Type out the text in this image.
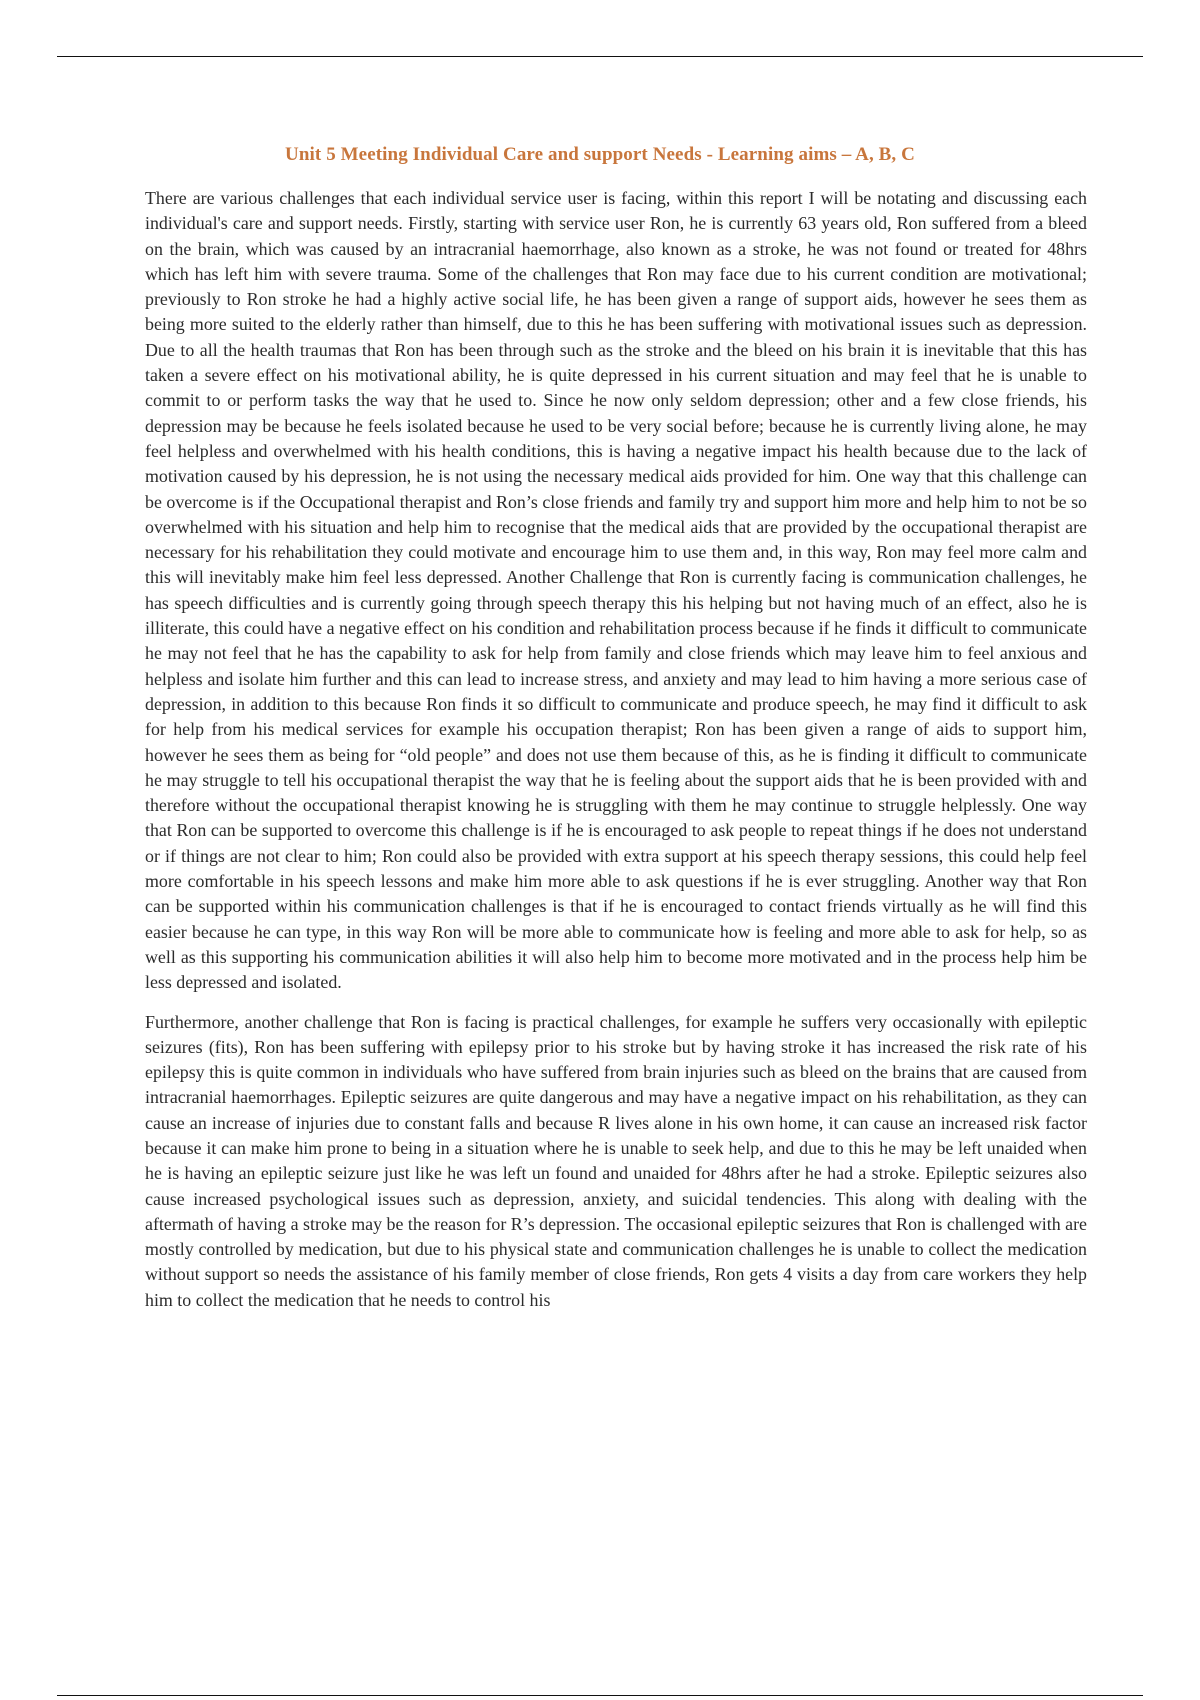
Unit 5 Meeting Individual Care and support Needs - Learning aims – A, B, C

There are various challenges that each individual service user is facing, within this report I will be notating and discussing each individual's care and support needs. Firstly, starting with service user Ron, he is currently 63 years old, Ron suffered from a bleed on the brain, which was caused by an intracranial haemorrhage, also known as a stroke, he was not found or treated for 48hrs which has left him with severe trauma. Some of the challenges that Ron may face due to his current condition are motivational; previously to Ron stroke he had a highly active social life, he has been given a range of support aids, however he sees them as being more suited to the elderly rather than himself, due to this he has been suffering with motivational issues such as depression. Due to all the health traumas that Ron has been through such as the stroke and the bleed on his brain it is inevitable that this has taken a severe effect on his motivational ability, he is quite depressed in his current situation and may feel that he is unable to commit to or perform tasks the way that he used to. Since he now only seldom depression; other and a few close friends, his depression may be because he feels isolated because he used to be very social before; because he is currently living alone, he may feel helpless and overwhelmed with his health conditions, this is having a negative impact his health because due to the lack of motivation caused by his depression, he is not using the necessary medical aids provided for him. One way that this challenge can be overcome is if the Occupational therapist and Ron’s close friends and family try and support him more and help him to not be so overwhelmed with his situation and help him to recognise that the medical aids that are provided by the occupational therapist are necessary for his rehabilitation they could motivate and encourage him to use them and, in this way, Ron may feel more calm and this will inevitably make him feel less depressed. Another Challenge that Ron is currently facing is communication challenges, he has speech difficulties and is currently going through speech therapy this his helping but not having much of an effect, also he is illiterate, this could have a negative effect on his condition and rehabilitation process because if he finds it difficult to communicate he may not feel that he has the capability to ask for help from family and close friends which may leave him to feel anxious and helpless and isolate him further and this can lead to increase stress, and anxiety and may lead to him having a more serious case of depression, in addition to this because Ron finds it so difficult to communicate and produce speech, he may find it difficult to ask for help from his medical services for example his occupation therapist; Ron has been given a range of aids to support him, however he sees them as being for “old people” and does not use them because of this, as he is finding it difficult to communicate he may struggle to tell his occupational therapist the way that he is feeling about the support aids that he is been provided with and therefore without the occupational therapist knowing he is struggling with them he may continue to struggle helplessly. One way that Ron can be supported to overcome this challenge is if he is encouraged to ask people to repeat things if he does not understand or if things are not clear to him; Ron could also be provided with extra support at his speech therapy sessions, this could help feel more comfortable in his speech lessons and make him more able to ask questions if he is ever struggling. Another way that Ron can be supported within his communication challenges is that if he is encouraged to contact friends virtually as he will find this easier because he can type, in this way Ron will be more able to communicate how is feeling and more able to ask for help, so as well as this supporting his communication abilities it will also help him to become more motivated and in the process help him be less depressed and isolated.

Furthermore, another challenge that Ron is facing is practical challenges, for example he suffers very occasionally with epileptic seizures (fits), Ron has been suffering with epilepsy prior to his stroke but by having stroke it has increased the risk rate of his epilepsy this is quite common in individuals who have suffered from brain injuries such as bleed on the brains that are caused from intracranial haemorrhages. Epileptic seizures are quite dangerous and may have a negative impact on his rehabilitation, as they can cause an increase of injuries due to constant falls and because R lives alone in his own home, it can cause an increased risk factor because it can make him prone to being in a situation where he is unable to seek help, and due to this he may be left unaided when he is having an epileptic seizure just like he was left un found and unaided for 48hrs after he had a stroke. Epileptic seizures also cause increased psychological issues such as depression, anxiety, and suicidal tendencies. This along with dealing with the aftermath of having a stroke may be the reason for R’s depression. The occasional epileptic seizures that Ron is challenged with are mostly controlled by medication, but due to his physical state and communication challenges he is unable to collect the medication without support so needs the assistance of his family member of close friends, Ron gets 4 visits a day from care workers they help him to collect the medication that he needs to control his
